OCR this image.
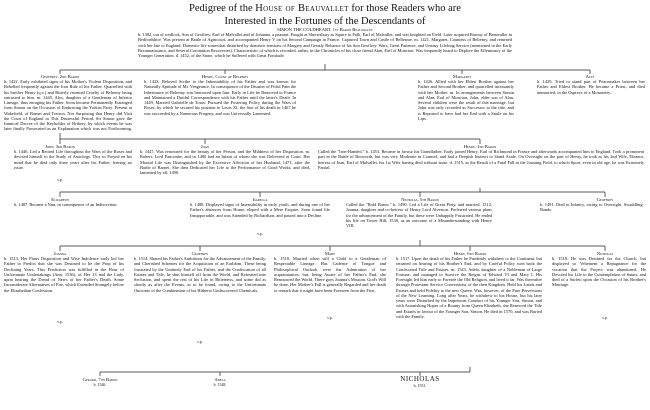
Pedigree of the House of Beauvallet for those Readers who are
Interested in the Fortunes of the Descendants of
SIMON THE COLDHEART, 1st Baron Beauvallet
b. 1382, out of wedlock, Son of Geoffrey, Earl of Malvallet and of Johanna, a peasant. Fought at Shrewsbury as Squire to Fulk, Earl of Malvallet, and was knighted on Field. Later acquired Barony of Beauvallet in Bedfordshire. Was present at Battle of Agincourt, and accompanied Henry V on his Second Campaign in France. Captured Town and Castle of Bellesme. m. 1421, Margaret, Countess of Belremy, and returned with her late to England. Domestic life somewhat disturbed by domestic tensions of Margery and Greatly Reliance of his Son Geoffrey. Wars, Great Patience, and Uneasy Lifelong Service (mentioned in the Early Reconnaissance, and Several Coronation Recoveries). Characteristic of which is recorded, rather, in the Chronicles of his close friend Alan, Earl of Moncton. Was frequently heard to Deplore the Effeminacy of the Younger Generation. d. 1452, of the Stone, which he Suffered with Great Fortitude.
Geoffrey, 2nd Baron
b. 1422. Early exhibited signs of his Mother's Violent Disposition, and Rebelled frequently against the Iron Rule of his Father. Quarrelled with his brother Henry (q.v.) and Bitterly resented Cruelty of Belremy being entrusted to him. m. 1445, Alys, daughter of a Gentleman of Inferior Lineage, thus enraging his Father. Soon became Permanently Estranged from Simon on the Occasion of Embracing the Yorkist Party. Present at Wakefield, of Barnet and Towton. Not Surprising that Henry did Visit the Court of England in This Distressful Period, Sir Simon gave the Inimical Decree of the Keyholder of Bribery, by which events he was later finally Prosecuted as an Explanation which was not Forthcoming.
Henry, Count of Belremy
b. 1423. Beloved Scribe to the Inheritability of his Father and was known for Naturally Aptitude of Mr. Vengeance. In consequence of the Disaster of Fitful Pain the Inheritance of Belremy was bestowed upon him. Early in Life he Removed to France and Maintained a Dutiful Correspondence with his Father until the latter's Death. In 1449, Married Gabrielle de Tours. Pursued the Fostering Policy during the Wars of Roses, by which he secured his position to Louis XI, the Son of his death in 1467 he was succeeded by a Numerous Progeny, and was Universally Lamented.
Margaret
b. 1426. Allied with her Eldest Brother against her Father and Second Brother, and quarrelled incessantly with her Mother. m. In arrangements between Simon and Alan, Earl of Moncton, John, elder son of Alan. Several children were the result of this marriage, but John was only recorded as Successor to the title, and is Reported to have had her End with a Smile on his Lips.
Alys
b. 1429. Tried to stand part of Peacemaker between her Father and Eldest Brother. He became a Priest, and died unmarried, in the Ospreys of a Monastery.
John, 3rd Baron
b. 1446. Led a Retired Life throughout the Wars of the Roses and devoted himself to the Study of Astrology. This so Preyed on his mind that he died only three years after his Father, leaving no issue.
s.p.
Joan
b. 1447. Was renowned for the beauty of her Person, and the Mildness of her Disposition. m. Robert, Lord Fauconbe, and in 1480 had an Infant of whom she was Delivered at Court. Her Marital Life was Distinguished by the Excessive Affection of her Husband, 1471, after the Battle of Barnet. She then Dedicated her Life to the Performance of Good Works, and died, lamented by all, 1490.
Henry, 4th Baron
Called the "Iron-Handed." b. 1453. Became in favour his Grandfather. Early joined Henry, Earl of Richmond in France and afterwards accompanied him to England. Took a prominent part in the Battle of Bosworth, but was very Moderate in Counsel, and had a Deepish Instinct to Stand Aside. On Oversight on the part of Henry, he took as his 2nd Wife, Eleanor, heiress of Jean, Earl of Malvallet, his 1st Wife having died without issue. d. 1515, as the Result of a Fatal Fall in the Jousting Field, to which Sport, even in old age, he was Extremely Partial.
Elizabeth
b. 1487. Became a Nun, in consequence of an Indiscretion.
Isabella
b. 1488. Displayed signs of Insensibility in early youth, and during one of her Father's absences from Home, eloped with a Mere Esquire. Soon found life Insupportable, and was Attended by Richardson, and passed into a Decline.
s.p.
Nicholas, 5th Baron
Called the "Bold Baron." b. 1490. Led a Life of Great Piety, and married, 1512, Joanna, daughter and co-heiress of Henry Lord Alveston. Preferred various plans for the advancement of the Family, but these were Unhappily Frustrated. He ended his life on Tower Hill, 1536, as an outcome of a Misunderstanding with Henry VIII.
Geoffrey
b. 1491. Died in Infancy, owing to Oversight. Swaddling-Bands.
Joanna
b. 1513. Her Pious Disposition and Wise Indolence early led her Father to Predict that she was Destined to be the Prop of his Declining Years. This Prediction was fulfilled in the Hour of Unfortunate Undertakings (Ann. 1536), of Her 13 and the Lady, upon hearing the Dread of News of her Father's Death. Some Inconsiderate Alternatives of Fire, which Extended Strangely before the Elizabethan Confession.
s.p.
Geoffrey
b. 1514. Shared his Father's Ambitions for the Advancement of the Family, and Cherished Schemes for the Acquisition of an Earldom. These being frustrated by the Untimely End of his Father, and the Confiscation of all Estates and Title, he shut himself off from the World, and Retreated into Seclusion, and spent the rest of his Life in Bitterness, and some did as shortly as after the Events, as to be found, owing to the Unfortunate Outcome of the Combination of his Hitherto Undiscovered Chemicals.
s.p.
Mary
b. 1518. Married when still a Child to a Gentleman of Respectable Lineage. Has Cadence of Tongue and Philosophical Outlook were the Admiration of her acquaintances; but, being Aware of her Father's End, she Renounced the World. There goes Joanna's Mission. God's Will be done. Her Mother's Fall is generally Regarded and her death to remark that it might have been Foreseen from the First.
s.p.
Henry, 6th Baron
b. 1517. Upon the death of his Father he Prudently withdrew to the Continent, but returned on hearing of his Brother's End, and by Careful Policy won back the Confiscated Title and Estates. m. 1543, Adela, daughter of a Nobleman of Large Fortune, and managed to Survive the Reigns of Edward VI and Mary I. His Foresight led him early to Foresee the Old Religion, and lived it far. Was thereafter through Protestant Service Conversions of the then Kingdom. Held his Lands and Estates and held Fidelity to the new Queen. Was, however, of the Pure Perversions of the New Learning. Long after Years, he withdrew to his House, but his later years were Disturbed by the Impetuous Conduct of his Younger Son, Simon, and with Astonishing Hopes of a Bounty from Queen Elizabeth, she Renewed the Title and Estates in favour of the Younger Son, Simon. He died in 1570, and was Buried with the Family.
Nicholas
b. 1518. He was Destined for the Church, but displayed so Vehement a Repugnance for the vocation that the Project was abandoned. He Devoted his Life to the Contemplation of Saints, and died of a Surfeit upon the Occasion of his Brother's Marriage.
s.p.
Gerard, 7th Baron
b. 1546.
Adela
b. 1548.
NICHOLAS
b. 1551.
